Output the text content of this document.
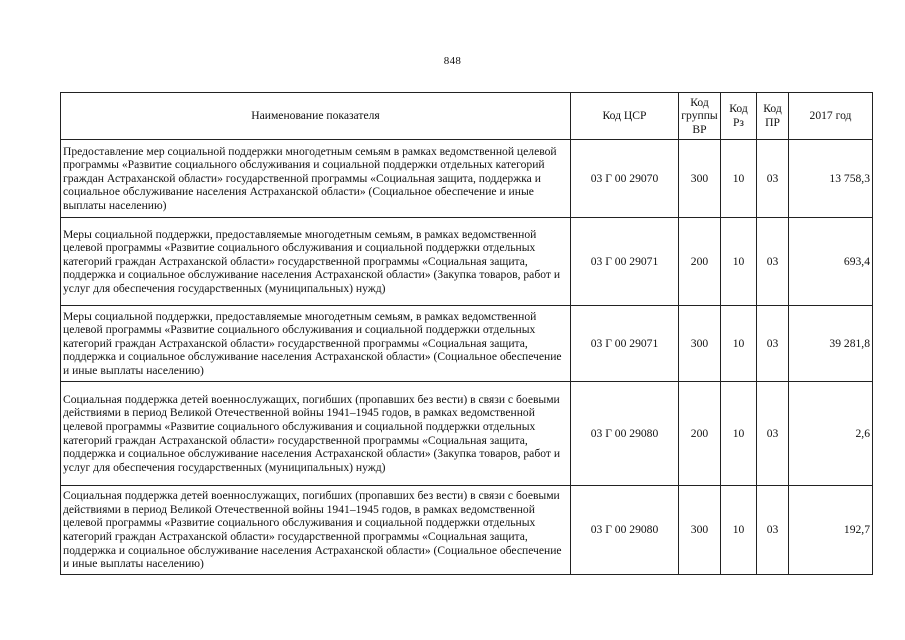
848
Наименование показателя	Код ЦСР	Код группы ВР	Код Рз	Код ПР	2017 год
Предоставление мер социальной поддержки многодетным семьям в рамках ведомственной целевой программы «Развитие социального обслуживания и социальной поддержки отдельных категорий граждан Астраханской области» государственной программы «Социальная защита, поддержка и социальное обслуживание населения Астраханской области» (Социальное обеспечение и иные выплаты населению)	03 Г 00 29070	300	10	03	13 758,3
Меры социальной поддержки, предоставляемые многодетным семьям, в рамках ведомственной целевой программы «Развитие социального обслуживания и социальной поддержки отдельных категорий граждан Астраханской области» государственной программы «Социальная защита, поддержка и социальное обслуживание населения Астраханской области» (Закупка товаров, работ и услуг для обеспечения государственных (муниципальных) нужд)	03 Г 00 29071	200	10	03	693,4
Меры социальной поддержки, предоставляемые многодетным семьям, в рамках ведомственной целевой программы «Развитие социального обслуживания и социальной поддержки отдельных категорий граждан Астраханской области» государственной программы «Социальная защита, поддержка и социальное обслуживание населения Астраханской области» (Социальное обеспечение и иные выплаты населению)	03 Г 00 29071	300	10	03	39 281,8
Социальная поддержка детей военнослужащих, погибших (пропавших без вести) в связи с боевыми действиями в период Великой Отечественной войны 1941–1945 годов, в рамках ведомственной целевой программы «Развитие социального обслуживания и социальной поддержки отдельных категорий граждан Астраханской области» государственной программы «Социальная защита, поддержка и социальное обслуживание населения Астраханской области» (Закупка товаров, работ и услуг для обеспечения государственных (муниципальных) нужд)	03 Г 00 29080	200	10	03	2,6
Социальная поддержка детей военнослужащих, погибших (пропавших без вести) в связи с боевыми действиями в период Великой Отечественной войны 1941–1945 годов, в рамках ведомственной целевой программы «Развитие социального обслуживания и социальной поддержки отдельных категорий граждан Астраханской области» государственной программы «Социальная защита, поддержка и социальное обслуживание населения Астраханской области» (Социальное обеспечение и иные выплаты населению)	03 Г 00 29080	300	10	03	192,7
